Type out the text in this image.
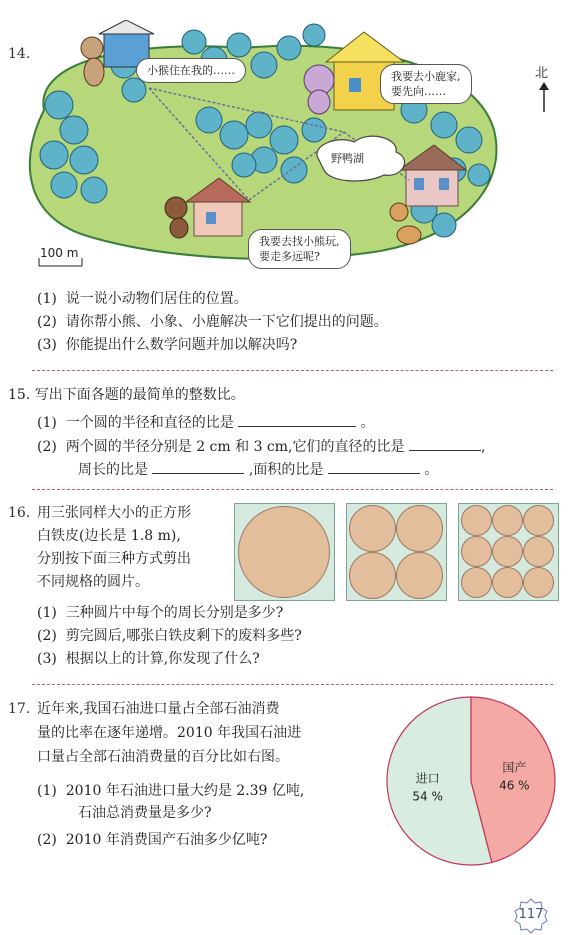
14.
野鸭湖
小猴住在我的……	我要去小鹿家,
要先向……
我要去找小熊玩,
要走多远呢?
北
100 m
(1) 说一说小动物们居住的位置。
(2) 请你帮小熊、小象、小鹿解决一下它们提出的问题。
(3) 你能提出什么数学问题并加以解决吗?
15. 写出下面各题的最简单的整数比。
(1) 一个圆的半径和直径的比是	。
(2) 两个圆的半径分别是 2 cm 和 3 cm,它们的直径的比是	,
周长的比是	,面积的比是	。
16. 用三张同样大小的正方形
白铁皮(边长是 1.8 m),
分别按下面三种方式剪出
不同规格的圆片。
(1) 三种圆片中每个的周长分别是多少?
(2) 剪完圆后,哪张白铁皮剩下的废料多些?
(3) 根据以上的计算,你发现了什么?
17. 近年来,我国石油进口量占全部石油消费
量的比率在逐年递增。2010 年我国石油进
口量占全部石油消费量的百分比如右图。
(1) 2010 年石油进口量大约是 2.39 亿吨,
石油总消费量是多少?
(2) 2010 年消费国产石油多少亿吨?
进口
54 %
国产
46 %
117
